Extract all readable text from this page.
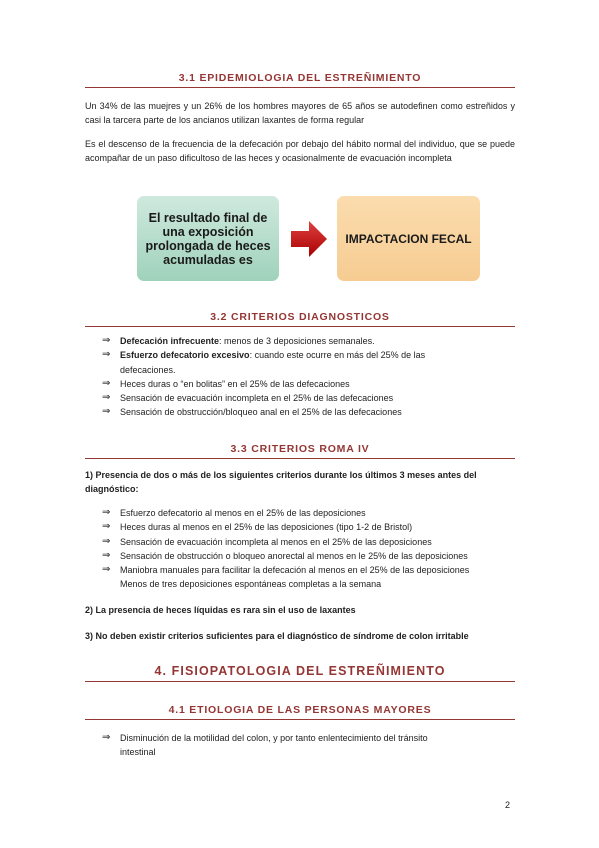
3.1 EPIDEMIOLOGIA DEL ESTREÑIMIENTO

Un 34% de las muejres y un 26% de los hombres mayores de 65 años se autodefinen como estreñidos y casi la tarcera parte de los ancianos utilizan laxantes de forma regular

Es el descenso de la frecuencia de la defecación por debajo del hábito normal del individuo, que se puede acompañar de un paso dificultoso de las heces y ocasionalmente de evacuación incompleta

El resultado final de una exposición prolongada de heces acumuladas es
IMPACTACION FECAL
3.2 CRITERIOS DIAGNOSTICOS
⇒ Defecación infrecuente: menos de 3 deposiciones semanales.
⇒ Esfuerzo defecatorio excesivo: cuando este ocurre en más del 25% de las
defecaciones.
⇒ Heces duras o “en bolitas” en el 25% de las defecaciones
⇒ Sensación de evacuación incompleta en el 25% de las defecaciones
⇒ Sensación de obstrucción/bloqueo anal en el 25% de las defecaciones
3.3 CRITERIOS ROMA IV

1) Presencia de dos o más de los siguientes criterios durante los últimos 3 meses antes del diagnóstico:

⇒ Esfuerzo defecatorio al menos en el 25% de las deposiciones
⇒ Heces duras al menos en el 25% de las deposiciones (tipo 1-2 de Bristol)
⇒ Sensación de evacuación incompleta al menos en el 25% de las deposiciones
⇒ Sensación de obstrucción o bloqueo anorectal al menos en le 25% de las deposiciones
⇒ Maniobra manuales para facilitar la defecación al menos en el 25% de las deposiciones
Menos de tres deposiciones espontáneas completas a la semana

2) La presencia de heces líquidas es rara sin el uso de laxantes

3) No deben existir criterios suficientes para el diagnóstico de síndrome de colon irritable

4. FISIOPATOLOGIA DEL ESTREÑIMIENTO
4.1 ETIOLOGIA DE LAS PERSONAS MAYORES
⇒ Disminución de la motilidad del colon, y por tanto enlentecimiento del tránsito
intestinal
2
